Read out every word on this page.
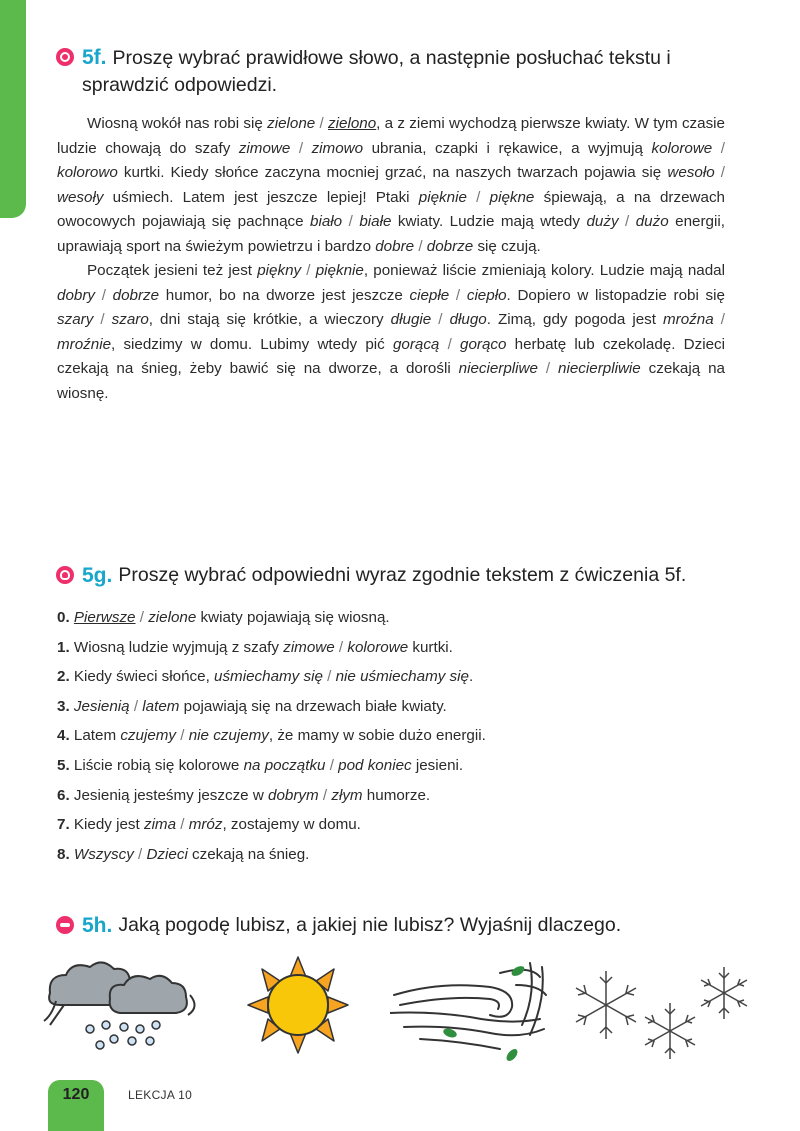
5f. Proszę wybrać prawidłowe słowo, a następnie posłuchać tekstu i
sprawdzić odpowiedzi.

Wiosną wokół nas robi się zielone / zielono, a z ziemi wychodzą pierwsze kwiaty. W tym czasie ludzie chowają do szafy zimowe / zimowo ubrania, czapki i rękawice, a wyjmują kolorowe / kolorowo kurtki. Kiedy słońce zaczyna mocniej grzać, na naszych twarzach pojawia się wesoło / wesoły uśmiech. Latem jest jeszcze lepiej! Ptaki pięknie / piękne śpiewają, a na drzewach owocowych pojawiają się pachnące biało / białe kwiaty. Ludzie mają wtedy duży / dużo energii, uprawiają sport na świeżym powietrzu i bardzo dobre / dobrze się czują.

Początek jesieni też jest piękny / pięknie, ponieważ liście zmieniają kolory. Ludzie mają nadal dobry / dobrze humor, bo na dworze jest jeszcze ciepłe / ciepło. Dopiero w listopadzie robi się szary / szaro, dni stają się krótkie, a wieczory długie / długo. Zimą, gdy pogoda jest mroźna / mroźnie, siedzimy w domu. Lubimy wtedy pić gorącą / gorąco herbatę lub czekoladę. Dzieci czekają na śnieg, żeby bawić się na dworze, a dorośli niecierpliwe / niecierpliwie czekają na wiosnę.

5g. Proszę wybrać odpowiedni wyraz zgodnie tekstem z ćwiczenia 5f.
0. Pierwsze / zielone kwiaty pojawiają się wiosną.
1. Wiosną ludzie wyjmują z szafy zimowe / kolorowe kurtki.
2. Kiedy świeci słońce, uśmiechamy się / nie uśmiechamy się.
3. Jesienią / latem pojawiają się na drzewach białe kwiaty.
4. Latem czujemy / nie czujemy, że mamy w sobie dużo energii.
5. Liście robią się kolorowe na początku / pod koniec jesieni.
6. Jesienią jesteśmy jeszcze w dobrym / złym humorze.
7. Kiedy jest zima / mróz, zostajemy w domu.
8. Wszyscy / Dzieci czekają na śnieg.
5h. Jaką pogodę lubisz, a jakiej nie lubisz? Wyjaśnij dlaczego.
120	LEKCJA 10
